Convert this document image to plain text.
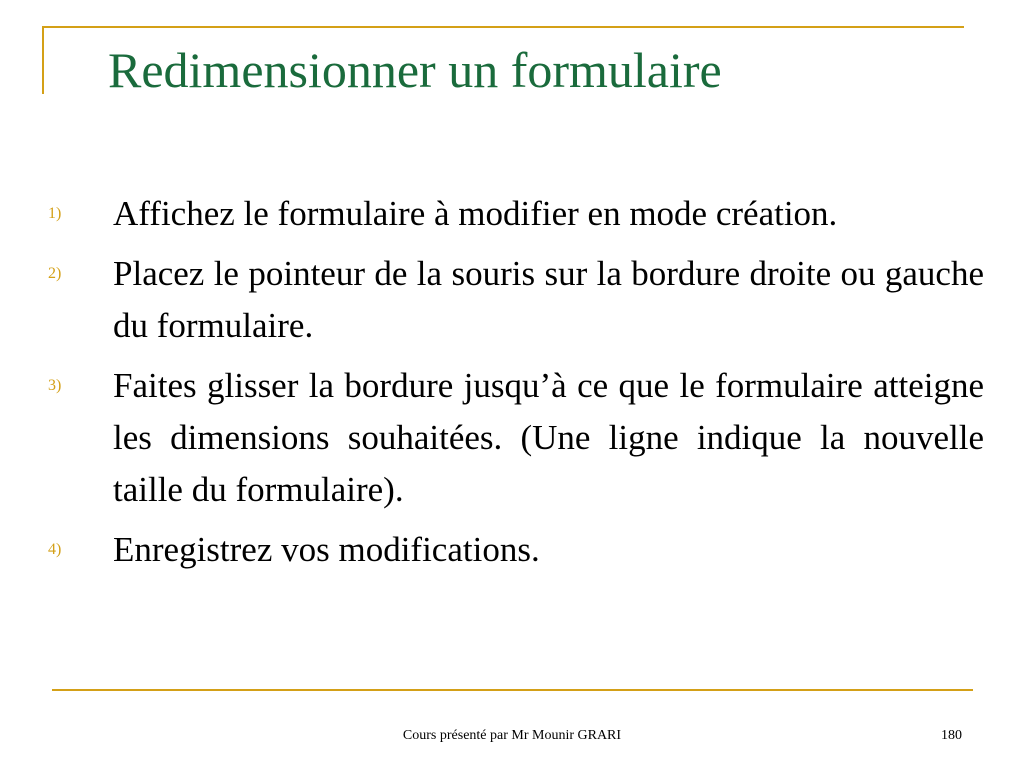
Redimensionner un formulaire
1) Affichez le formulaire à modifier en mode création.
2) Placez le pointeur de la souris sur la bordure droite ou gauche du formulaire.
3) Faites glisser la bordure jusqu’à ce que le formulaire atteigne les dimensions souhaitées. (Une ligne indique la nouvelle taille du formulaire).
4) Enregistrez vos modifications.
Cours présenté par Mr Mounir GRARI	180
